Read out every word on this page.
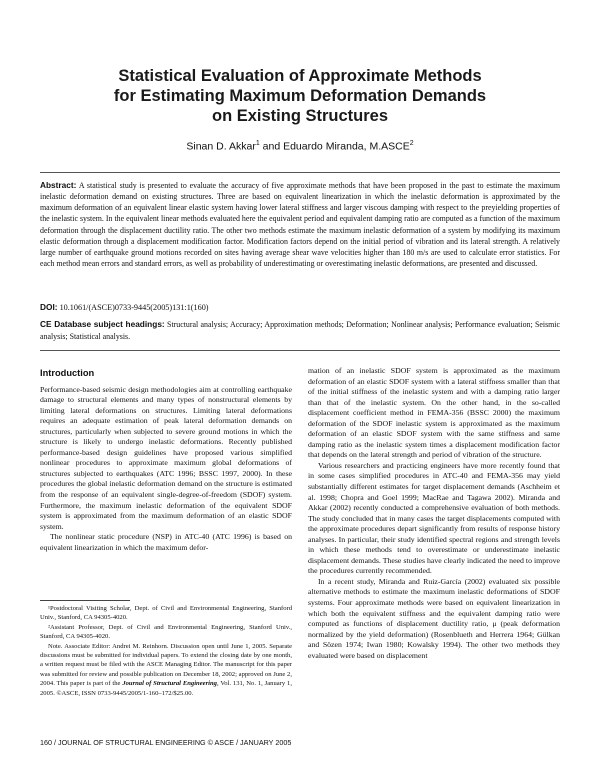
Statistical Evaluation of Approximate Methods
for Estimating Maximum Deformation Demands
on Existing Structures
Sinan D. Akkar$^1$ and Eduardo Miranda, M.ASCE$^2$
Abstract: A statistical study is presented to evaluate the accuracy of five approximate methods that have been proposed in the past to estimate the maximum inelastic deformation demand on existing structures. Three are based on equivalent linearization in which the inelastic deformation is approximated by the maximum deformation of an equivalent linear elastic system having lower lateral stiffness and larger viscous damping with respect to the preyielding properties of the inelastic system. In the equivalent linear methods evaluated here the equivalent period and equivalent damping ratio are computed as a function of the maximum deformation through the displacement ductility ratio. The other two methods estimate the maximum inelastic deformation of a system by modifying its maximum elastic deformation through a displacement modification factor. Modification factors depend on the initial period of vibration and its lateral strength. A relatively large number of earthquake ground motions recorded on sites having average shear wave velocities higher than 180 m/s are used to calculate error statistics. For each method mean errors and standard errors, as well as probability of underestimating or overestimating inelastic deformations, are presented and discussed.
DOI: 10.1061/(ASCE)0733-9445(2005)131:1(160)
CE Database subject headings: Structural analysis; Accuracy; Approximation methods; Deformation; Nonlinear analysis; Performance evaluation; Seismic analysis; Statistical analysis.
Introduction

Performance-based seismic design methodologies aim at controlling earthquake damage to structural elements and many types of nonstructural elements by limiting lateral deformations on structures. Limiting lateral deformations requires an adequate estimation of peak lateral deformation demands on structures, particularly when subjected to severe ground motions in which the structure is likely to undergo inelastic deformations. Recently published performance-based design guidelines have proposed various simplified nonlinear procedures to approximate maximum global deformations of structures subjected to earthquakes (ATC 1996; BSSC 1997, 2000). In these procedures the global inelastic deformation demand on the structure is estimated from the response of an equivalent single-degree-of-freedom (SDOF) system. Furthermore, the maximum inelastic deformation of the equivalent SDOF system is approximated from the maximum deformation of an elastic SDOF system.

The nonlinear static procedure (NSP) in ATC-40 (ATC 1996) is based on equivalent linearization in which the maximum defor-

mation of an inelastic SDOF system is approximated as the maximum deformation of an elastic SDOF system with a lateral stiffness smaller than that of the initial stiffness of the inelastic system and with a damping ratio larger than that of the inelastic system. On the other hand, in the so-called displacement coefficient method in FEMA-356 (BSSC 2000) the maximum deformation of the SDOF inelastic system is approximated as the maximum deformation of an elastic SDOF system with the same stiffness and same damping ratio as the inelastic system times a displacement modification factor that depends on the lateral strength and period of vibration of the structure.

Various researchers and practicing engineers have more recently found that in some cases simplified procedures in ATC-40 and FEMA-356 may yield substantially different estimates for target displacement demands (Aschheim et al. 1998; Chopra and Goel 1999; MacRae and Tagawa 2002). Miranda and Akkar (2002) recently conducted a comprehensive evaluation of both methods. The study concluded that in many cases the target displacements computed with the approximate procedures depart significantly from results of response history analyses. In particular, their study identified spectral regions and strength levels in which these methods tend to overestimate or underestimate inelastic displacement demands. These studies have clearly indicated the need to improve the procedures currently recommended.

In a recent study, Miranda and Ruiz-García (2002) evaluated six possible alternative methods to estimate the maximum inelastic deformations of SDOF systems. Four approximate methods were based on equivalent linearization in which both the equivalent stiffness and the equivalent damping ratio were computed as functions of displacement ductility ratio, μ (peak deformation normalized by the yield deformation) (Rosenblueth and Herrera 1964; Gülkan and Sözen 1974; Iwan 1980; Kowalsky 1994). The other two methods they evaluated were based on displacement

¹Postdoctoral Visiting Scholar, Dept. of Civil and Environmental Engineering, Stanford Univ., Stanford, CA 94305-4020.

²Assistant Professor, Dept. of Civil and Environmental Engineering, Stanford Univ., Stanford, CA 94305-4020.

Note. Associate Editor: Andrei M. Reinhorn. Discussion open until June 1, 2005. Separate discussions must be submitted for individual papers. To extend the closing date by one month, a written request must be filed with the ASCE Managing Editor. The manuscript for this paper was submitted for review and possible publication on December 18, 2002; approved on June 2, 2004. This paper is part of the Journal of Structural Engineering, Vol. 131, No. 1, January 1, 2005. ©ASCE, ISSN 0733-9445/2005/1-160–172/$25.00.

160 / JOURNAL OF STRUCTURAL ENGINEERING © ASCE / JANUARY 2005
